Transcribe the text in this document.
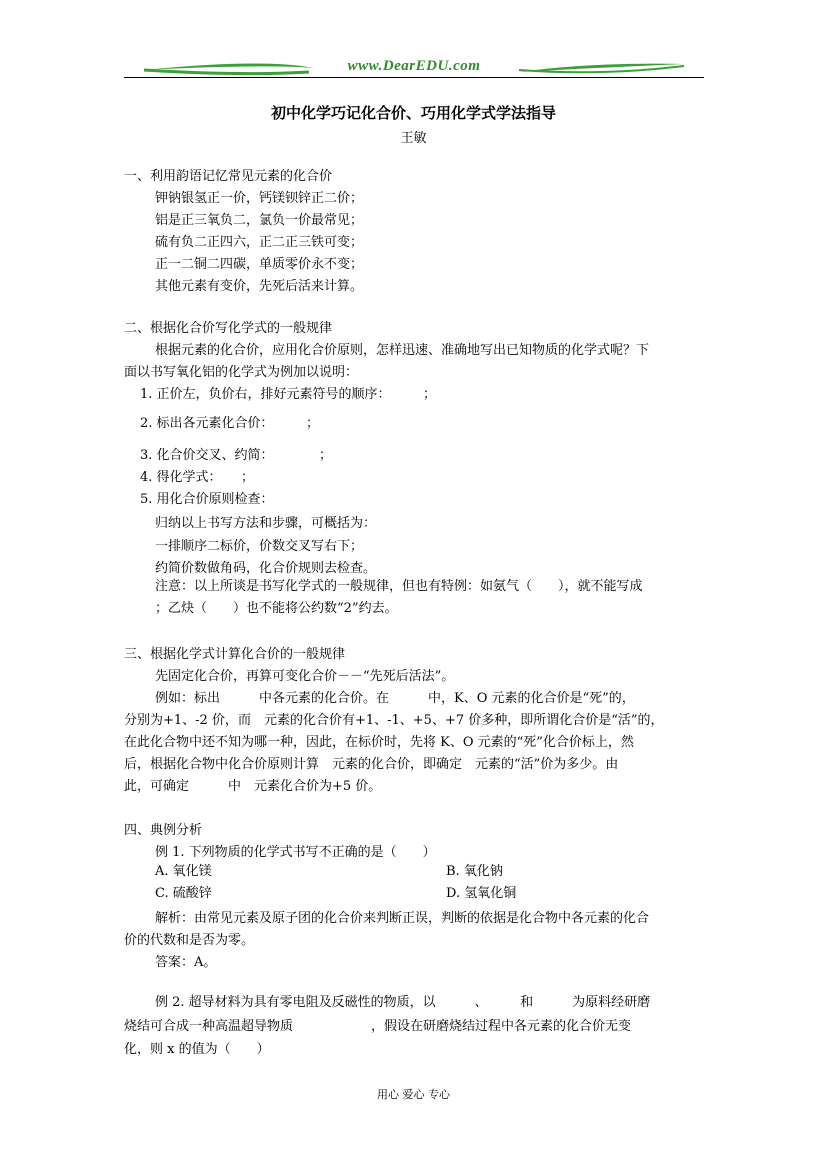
www.DearEDU.com
初中化学巧记化合价、巧用化学式学法指导
王敏
一、利用韵语记忆常见元素的化合价
钾钠银氢正一价，钙镁钡锌正二价；
铝是正三氧负二，氯负一价最常见；
硫有负二正四六，正二正三铁可变；
正一二铜二四碳，单质零价永不变；
其他元素有变价，先死后活来计算。
二、根据化合价写化学式的一般规律
根据元素的化合价，应用化合价原则，怎样迅速、准确地写出已知物质的化学式呢？下
面以书写氧化铝的化学式为例加以说明：
1. 正价左，负价右，排好元素符号的顺序：　　　；
2. 标出各元素化合价：　　　；
3. 化合价交叉、约简：　　　　；
4. 得化学式：　　；
5. 用化合价原则检查：
归纳以上书写方法和步骤，可概括为：
一排顺序二标价，价数交叉写右下；
约简价数做角码，化合价规则去检查。
注意：以上所谈是书写化学式的一般规律，但也有特例：如氨气（　　），就不能写成
；乙炔（　　）也不能将公约数“2”约去。
三、根据化学式计算化合价的一般规律
先固定化合价，再算可变化合价－－“先死后活法”。
例如：标出　　　中各元素的化合价。在　　　中，K、O 元素的化合价是“死”的，
分别为+1、-2 价，而　元素的化合价有+1、-1、+5、+7 价多种，即所谓化合价是“活”的，
在此化合物中还不知为哪一种，因此，在标价时，先将 K、O 元素的“死”化合价标上，然
后，根据化合物中化合价原则计算　元素的化合价，即确定　元素的“活”价为多少。由
此，可确定　　　中　元素化合价为+5 价。
四、典例分析
例 1. 下列物质的化学式书写不正确的是（　　）
A. 氧化镁	B. 氧化钠
C. 硫酸锌	D. 氢氧化铜
解析：由常见元素及原子团的化合价来判断正误，判断的依据是化合物中各元素的化合
价的代数和是否为零。
答案：A。
例 2. 超导材料为具有零电阻及反磁性的物质，以　　　、　　　和　　　为原料经研磨
烧结可合成一种高温超导物质　　　　　　，假设在研磨烧结过程中各元素的化合价无变
化，则 x 的值为（　　）
用心 爱心 专心
